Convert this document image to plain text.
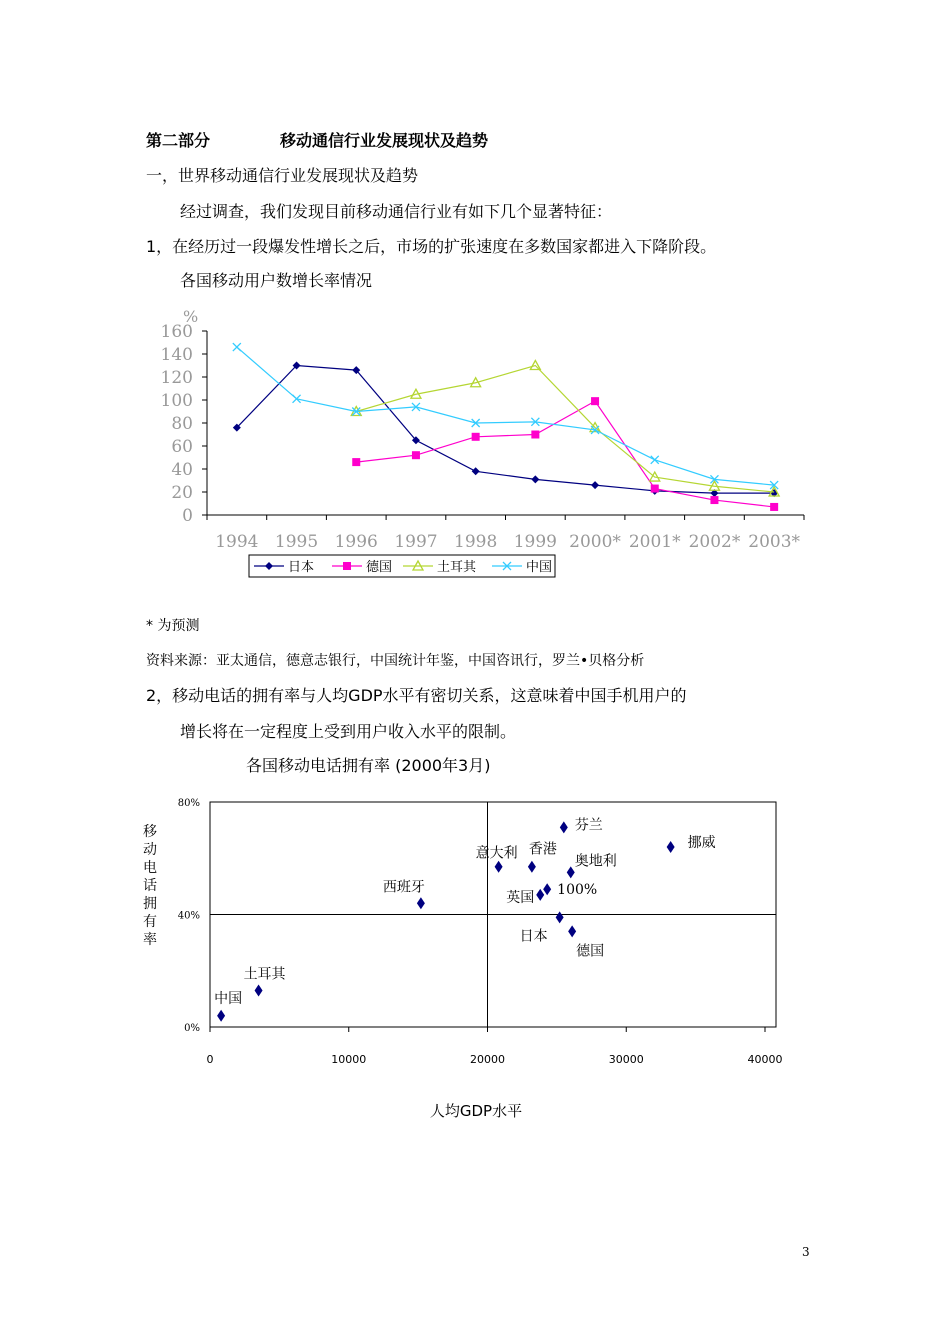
第二部分	移动通信行业发展现状及趋势
一，世界移动通信行业发展现状及趋势
经过调查，我们发现目前移动通信行业有如下几个显著特征：
1，在经历过一段爆发性增长之后，市场的扩张速度在多数国家都进入下降阶段。
各国移动用户数增长率情况
0
20
40
60
80
100
120
140
160
%
1994 1995 1996 1997 1998 1999 2000* 2001* 2002* 2003*
日本	德国	土耳其	中国
* 为预测
资料来源：亚太通信，德意志银行，中国统计年鉴，中国咨讯行，罗兰•贝格分析
2，移动电话的拥有率与人均GDP水平有密切关系，这意味着中国手机用户的
增长将在一定程度上受到用户收入水平的限制。
各国移动电话拥有率 (2000年3月)
0	10000	20000	30000	40000
0%
40%
80%
移动电话拥有率
人均GDP水平
中国
土耳其
西班牙
意大利 香港
芬兰
挪威
奥地利
英国
日本
德国
100%
3
